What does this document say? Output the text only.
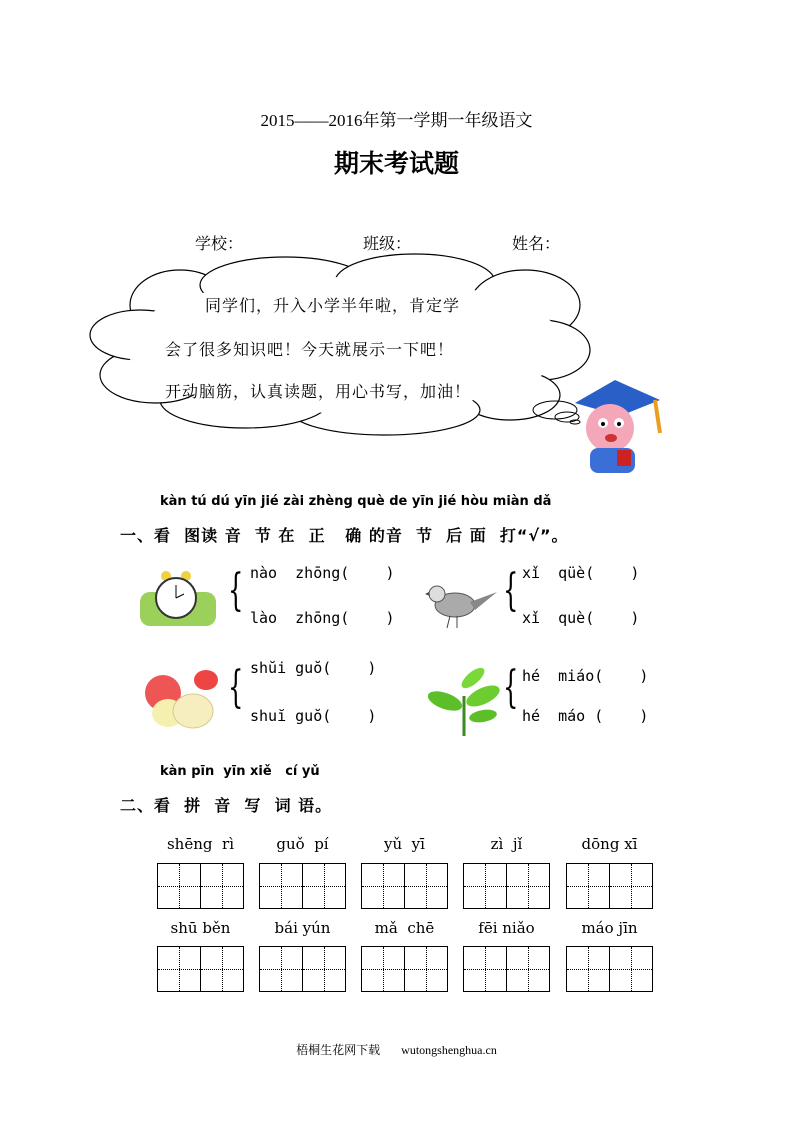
2015——2016年第一学期一年级语文
期末考试题
学校：	班级：	姓名：
同学们，升入小学半年啦，肯定学
会了很多知识吧！今天就展示一下吧！
开动脑筋，认真读题，用心书写，加油！
kàn tú dú yīn jié zài zhèng què de yīn jié hòu miàn dǎ
一、看  图读 音  节 在  正   确 的音  节  后 面  打“√”。
{ nào  zhōng(    )
lào  zhōng(    )
{ xǐ  qüè(    )
xǐ  què(    )
{ shŭi guŏ(    )
shuĭ guŏ(    )
{ hé  miáo(    )
hé  máo (    )
kàn pīn  yīn xiě   cí yǔ
二、看  拼  音  写  词 语。
shēng  rì	guǒ  pí	yǔ  yī	zì  jǐ	dōng xī
shū běn	bái yún	mǎ  chē	fēi niǎo	máo jīn
梧桐生花网下载       wutongshenghua.cn
